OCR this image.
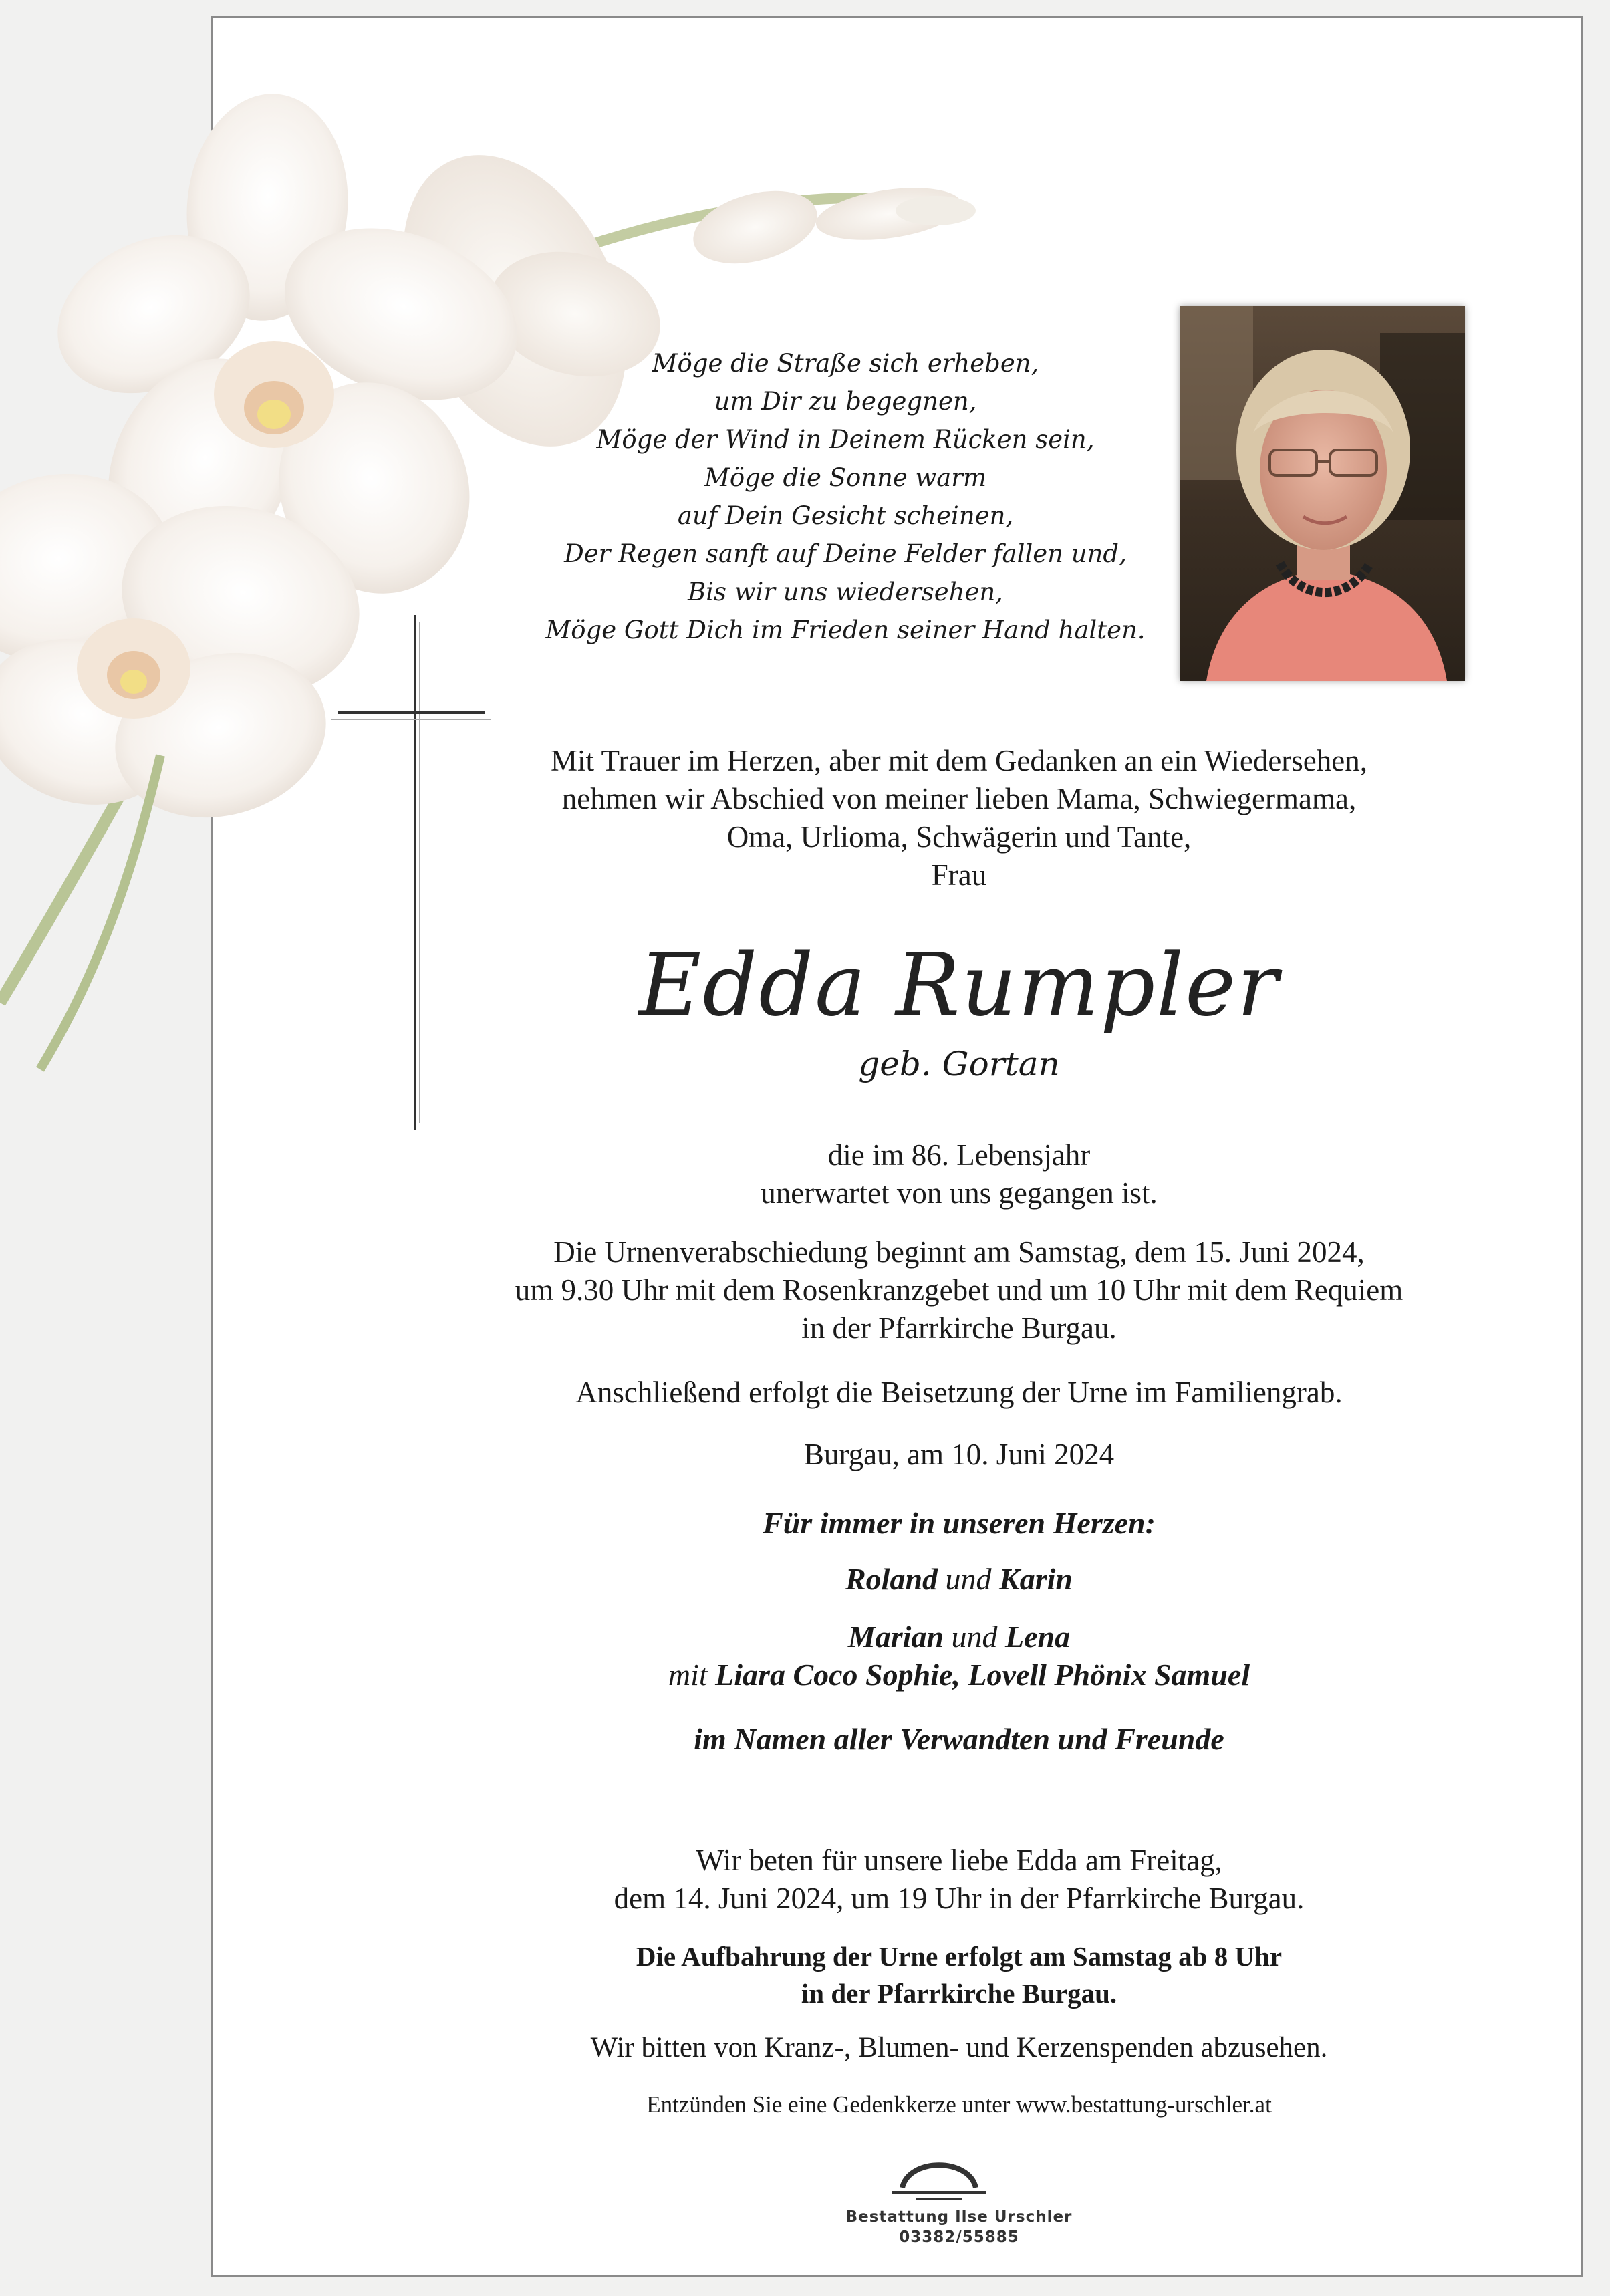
Möge die Straße sich erheben,
um Dir zu begegnen,
Möge der Wind in Deinem Rücken sein,
Möge die Sonne warm
auf Dein Gesicht scheinen,
Der Regen sanft auf Deine Felder fallen und,
Bis wir uns wiedersehen,
Möge Gott Dich im Frieden seiner Hand halten.
Mit Trauer im Herzen, aber mit dem Gedanken an ein Wiedersehen,
nehmen wir Abschied von meiner lieben Mama, Schwiegermama,
Oma, Urlioma, Schwägerin und Tante,
Frau
Edda Rumpler
geb. Gortan
die im 86. Lebensjahr
unerwartet von uns gegangen ist.
Die Urnenverabschiedung beginnt am Samstag, dem 15. Juni 2024,
um 9.30 Uhr mit dem Rosenkranzgebet und um 10 Uhr mit dem Requiem
in der Pfarrkirche Burgau.
Anschließend erfolgt die Beisetzung der Urne im Familiengrab.
Burgau, am 10. Juni 2024
Für immer in unseren Herzen:
Roland und Karin
Marian und Lena
mit Liara Coco Sophie, Lovell Phönix Samuel
im Namen aller Verwandten und Freunde
Wir beten für unsere liebe Edda am Freitag,
dem 14. Juni 2024, um 19 Uhr in der Pfarrkirche Burgau.
Die Aufbahrung der Urne erfolgt am Samstag ab 8 Uhr
in der Pfarrkirche Burgau.
Wir bitten von Kranz-, Blumen- und Kerzenspenden abzusehen.
Entzünden Sie eine Gedenkkerze unter www.bestattung-urschler.at
Bestattung Ilse Urschler
03382/55885
